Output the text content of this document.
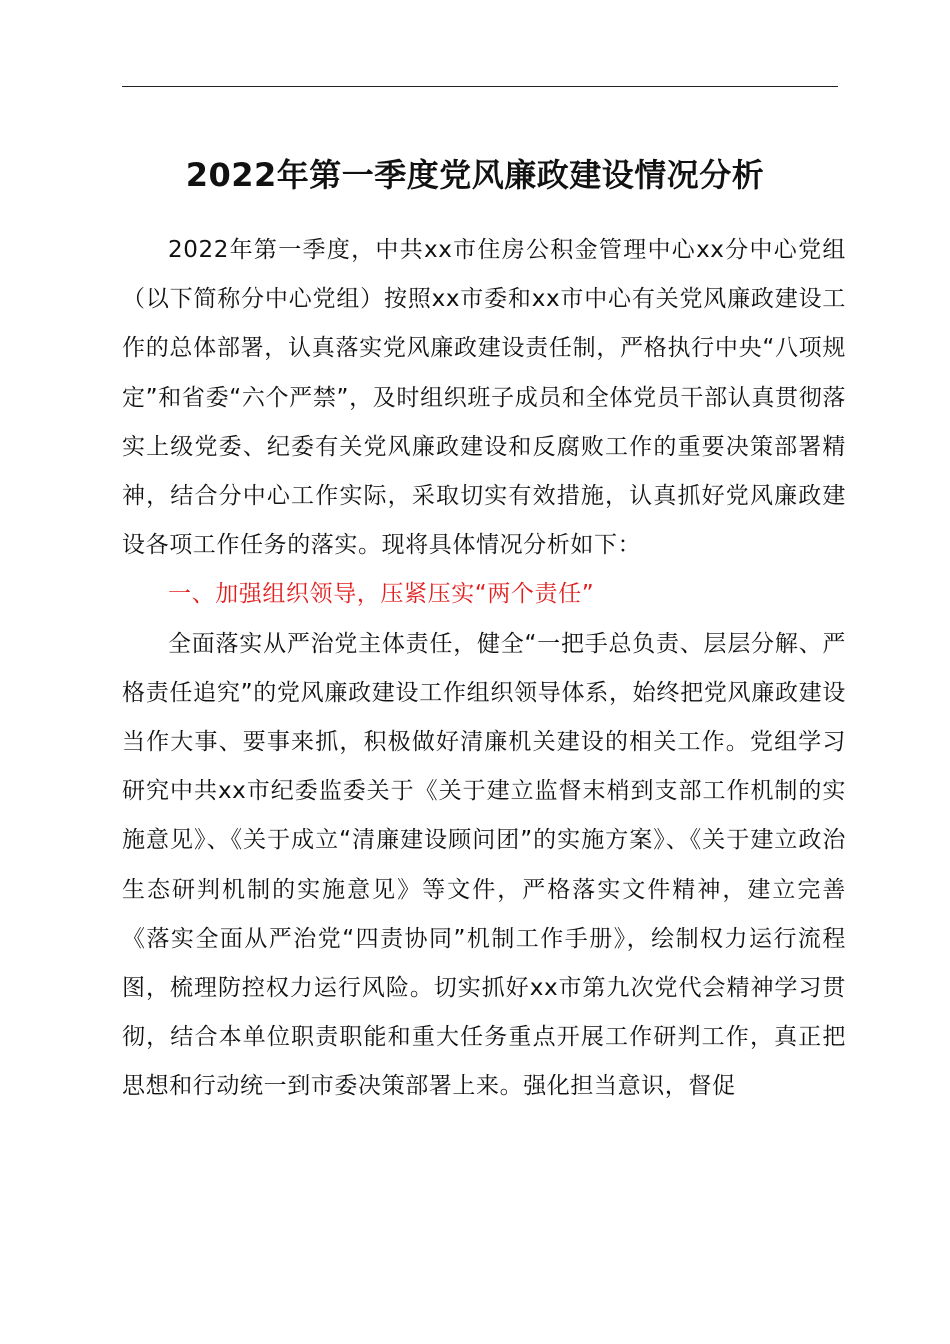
2022年第一季度党风廉政建设情况分析

2022年第一季度，中共xx市住房公积金管理中心xx分中心党组（以下简称分中心党组）按照xx市委和xx市中心有关党风廉政建设工作的总体部署，认真落实党风廉政建设责任制，严格执行中央“八项规定”和省委“六个严禁”，及时组织班子成员和全体党员干部认真贯彻落实上级党委、纪委有关党风廉政建设和反腐败工作的重要决策部署精神，结合分中心工作实际，采取切实有效措施，认真抓好党风廉政建设各项工作任务的落实。现将具体情况分析如下：

一、加强组织领导，压紧压实“两个责任”

全面落实从严治党主体责任，健全“一把手总负责、层层分解、严格责任追究”的党风廉政建设工作组织领导体系，始终把党风廉政建设当作大事、要事来抓，积极做好清廉机关建设的相关工作。党组学习研究中共xx市纪委监委关于《关于建立监督末梢到支部工作机制的实施意见》、《关于成立“清廉建设顾问团”的实施方案》、《关于建立政治生态研判机制的实施意见》等文件，严格落实文件精神，建立完善《落实全面从严治党“四责协同”机制工作手册》，绘制权力运行流程图，梳理防控权力运行风险。切实抓好xx市第九次党代会精神学习贯彻，结合本单位职责职能和重大任务重点开展工作研判工作，真正把思想和行动统一到市委决策部署上来。强化担当意识，督促
